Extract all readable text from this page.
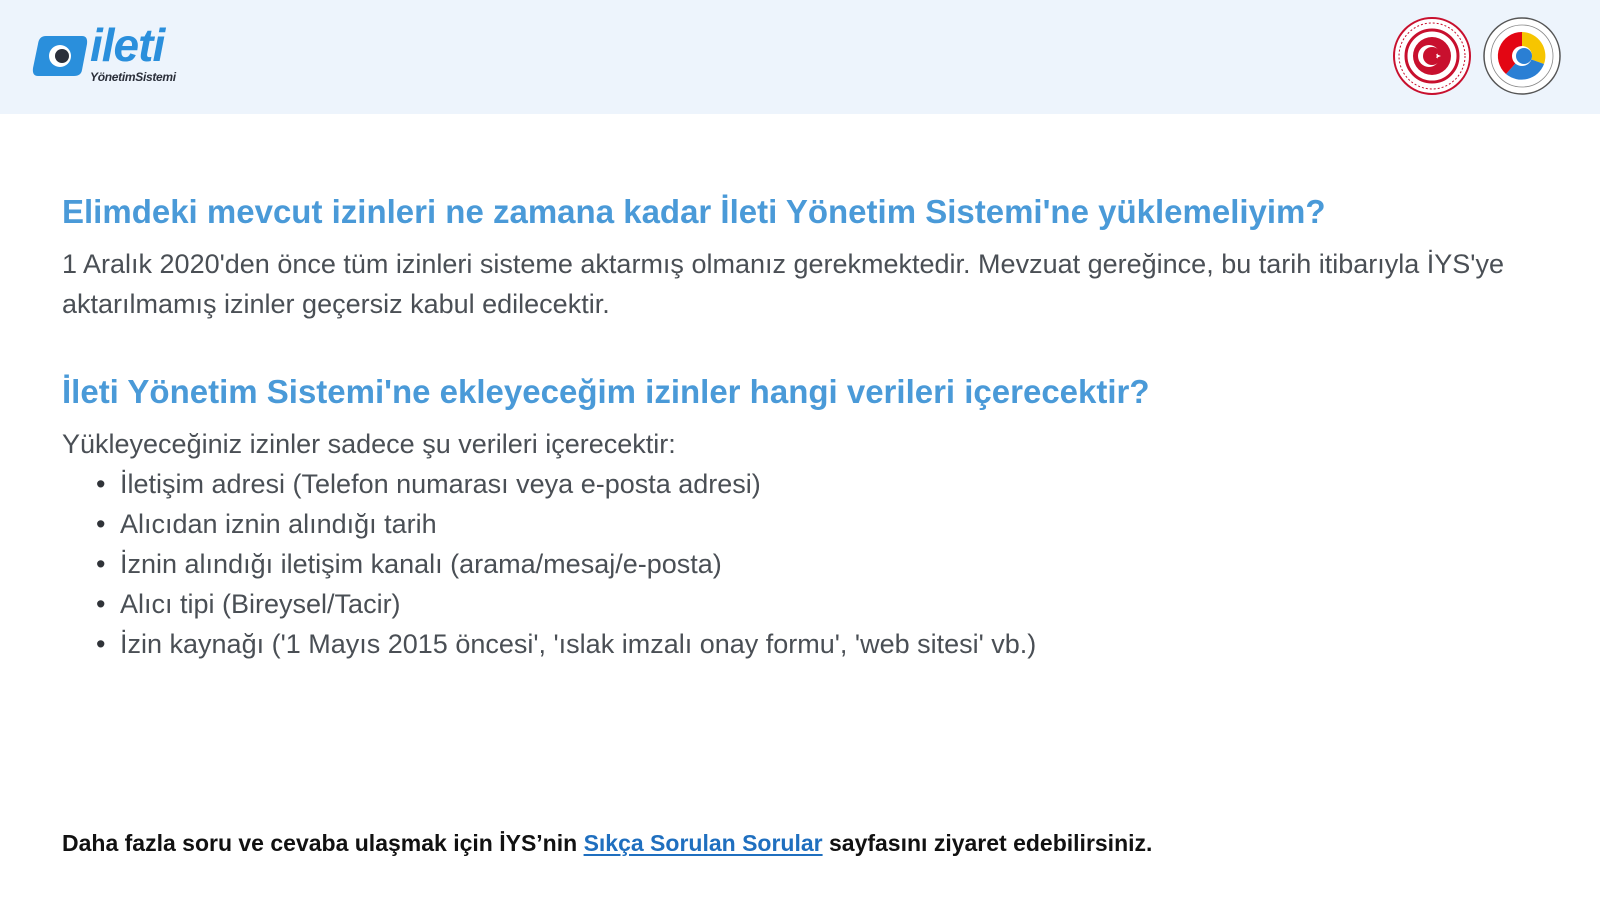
ileti
YönetimSistemi
Elimdeki mevcut izinleri ne zamana kadar İleti Yönetim Sistemi'ne yüklemeliyim?

1 Aralık 2020'den önce tüm izinleri sisteme aktarmış olmanız gerekmektedir. Mevzuat gereğince, bu tarih itibarıyla İYS'ye aktarılmamış izinler geçersiz kabul edilecektir.

İleti Yönetim Sistemi'ne ekleyeceğim izinler hangi verileri içerecektir?

Yükleyeceğiniz izinler sadece şu verileri içerecektir:

• İletişim adresi (Telefon numarası veya e-posta adresi)
• Alıcıdan iznin alındığı tarih
• İznin alındığı iletişim kanalı (arama/mesaj/e-posta)
• Alıcı tipi (Bireysel/Tacir)
• İzin kaynağı ('1 Mayıs 2015 öncesi', 'ıslak imzalı onay formu', 'web sitesi' vb.)
Daha fazla soru ve cevaba ulaşmak için İYS’nin Sıkça Sorulan Sorular sayfasını ziyaret edebilirsiniz.
